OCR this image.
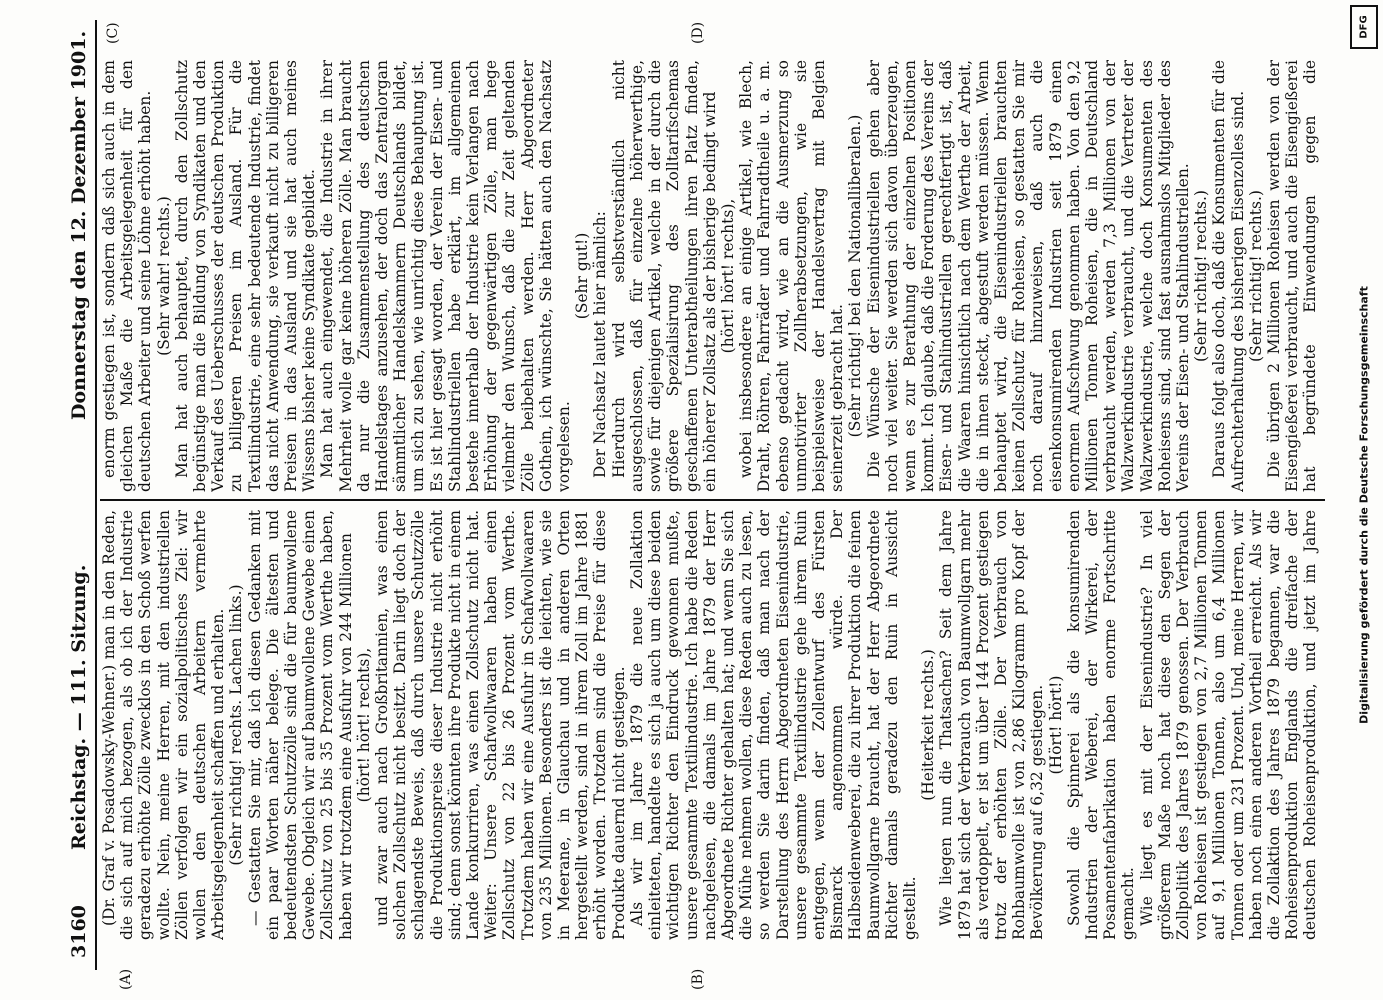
3160
Reichstag. — 111. Sitzung.
Donnerstag den 12. Dezember 1901.
(A)	(B)
(C)	(D)

(Dr. Graf v. Posadowsky-Wehner.) man in den Reden, die sich auf mich bezogen, als ob ich der Industrie geradezu erhöhte Zölle zwecklos in den Schoß werfen wollte. Nein, meine Herren, mit den industriellen Zöllen verfolgen wir ein sozialpolitisches Ziel: wir wollen den deutschen Arbeitern vermehrte Arbeitsgelegenheit schaffen und erhalten. (Sehr richtig! rechts. Lachen links.) — Gestatten Sie mir, daß ich diesen Gedanken mit ein paar Worten näher belege. Die ältesten und bedeutendsten Schutzzölle sind die für baumwollene Gewebe. Obgleich wir auf baumwollene Gewebe einen Zollschutz von 25 bis 35 Prozent vom Werthe haben, haben wir trotzdem eine Ausfuhr von 244 Millionen (hört! hört! rechts), und zwar auch nach Großbritannien, was einen solchen Zollschutz nicht besitzt. Darin liegt doch der schlagendste Beweis, daß durch unsere Schutzzölle die Produktionspreise dieser Industrie nicht erhöht sind; denn sonst könnten ihre Produkte nicht in einem Lande konkurriren, was einen Zollschutz nicht hat. Weiter: Unsere Schafwollwaaren haben einen Zollschutz von 22 bis 26 Prozent vom Werthe. Trotzdem haben wir eine Ausfuhr in Schafwollwaaren von 235 Millionen. Besonders ist die leichten, wie sie in Meerane, in Glauchau und in anderen Orten hergestellt werden, sind in ihrem Zoll im Jahre 1881 erhöht worden. Trotzdem sind die Preise für diese Produkte dauernd nicht gestiegen. Als wir im Jahre 1879 die neue Zollaktion einleiteten, handelte es sich ja auch um diese beiden wichtigen Richter den Eindruck gewonnen mußte, unsere gesammte Textilindustrie. Ich habe die Reden nachgelesen, die damals im Jahre 1879 der Herr Abgeordnete Richter gehalten hat; und wenn Sie sich die Mühe nehmen wollen, diese Reden auch zu lesen, so werden Sie darin finden, daß man nach der Darstellung des Herrn Abgeordneten Eisenindustrie, unsere gesammte Textilindustrie gehe ihrem Ruin entgegen, wenn der Zollentwurf des Fürsten Bismarck angenommen würde. Der Halbseidenweberei, die zu ihrer Produktion die feinen Baumwollgarne braucht, hat der Herr Abgeordnete Richter damals geradezu den Ruin in Aussicht gestellt.

(Heiterkeit rechts.) Wie liegen nun die Thatsachen? Seit dem Jahre 1879 hat sich der Verbrauch von Baumwollgarn mehr als verdoppelt, er ist um über 144 Prozent gestiegen trotz der erhöhten Zölle. Der Verbrauch von Rohbaumwolle ist von 2,86 Kilogramm pro Kopf der Bevölkerung auf 6,32 gestiegen. (Hört! hört!) Sowohl die Spinnerei als die konsumirenden Industrien der Weberei, der Wirkerei, der Posamentenfabrikation haben enorme Fortschritte gemacht. Wie liegt es mit der Eisenindustrie? In viel größerem Maße noch hat diese den Segen der Zollpolitik des Jahres 1879 genossen. Der Verbrauch von Roheisen ist gestiegen von 2,7 Millionen Tonnen auf 9,1 Millionen Tonnen, also um 6,4 Millionen Tonnen oder um 231 Prozent. Und, meine Herren, wir haben noch einen anderen Vortheil erreicht. Als wir die Zollaktion des Jahres 1879 begannen, war die Roheisenproduktion Englands die dreifache der deutschen Roheisenproduktion, und jetzt im Jahre

enorm gestiegen ist, sondern daß sich auch in dem gleichen Maße die Arbeitsgelegenheit für den deutschen Arbeiter und seine Löhne erhöht haben. (Sehr wahr! rechts.) Man hat auch behauptet, durch den Zollschutz begünstige man die Bildung von Syndikaten und den Verkauf des Ueberschusses der deutschen Produktion zu billigeren Preisen im Ausland. Für die Textilindustrie, eine sehr bedeutende Industrie, findet das nicht Anwendung, sie verkauft nicht zu billigeren Preisen in das Ausland und sie hat auch meines Wissens bisher keine Syndikate gebildet. Man hat auch eingewendet, die Industrie in ihrer Mehrheit wolle gar keine höheren Zölle. Man braucht da nur die Zusammenstellung des deutschen Handelstages anzusehen, der doch das Zentralorgan sämmtlicher Handelskammern Deutschlands bildet, um sich zu sehen, wie unrichtig diese Behauptung ist. Es ist hier gesagt worden, der Verein der Eisen- und Stahlindustriellen habe erklärt, im allgemeinen bestehe innerhalb der Industrie kein Verlangen nach Erhöhung der gegenwärtigen Zölle, man hege vielmehr den Wunsch, daß die zur Zeit geltenden Zölle beibehalten werden. Herr Abgeordneter Gothein, ich wünschte, Sie hätten auch den Nachsatz vorgelesen.

(Sehr gut!) Der Nachsatz lautet hier nämlich: Hierdurch wird selbstverständlich nicht ausgeschlossen, daß für einzelne höherwerthige, sowie für diejenigen Artikel, welche in der durch die größere Spezialisirung des Zolltarifschemas geschaffenen Unterabtheilungen ihren Platz finden, ein höherer Zollsatz als der bisherige bedingt wird (hört! hört! rechts), wobei insbesondere an einige Artikel, wie Blech, Draht, Röhren, Fahrräder und Fahrradtheile u. a. m. ebenso gedacht wird, wie an die Ausmerzung so unmotivirter Zollherabsetzungen, wie sie beispielsweise der Handelsvertrag mit Belgien seinerzeit gebracht hat. (Sehr richtig! bei den Nationalliberalen.) Die Wünsche der Eisenindustriellen gehen aber noch viel weiter. Sie werden sich davon überzeugen, wenn es zur Berathung der einzelnen Positionen kommt. Ich glaube, daß die Forderung des Vereins der Eisen- und Stahlindustriellen gerechtfertigt ist, daß die Waaren hinsichtlich nach dem Werthe der Arbeit, die in ihnen steckt, abgestuft werden müssen. Wenn behauptet wird, die Eisenindustriellen brauchten keinen Zollschutz für Roheisen, so gestatten Sie mir noch darauf hinzuweisen, daß auch die eisenkonsumirenden Industrien seit 1879 einen enormen Aufschwung genommen haben. Von den 9,2 Millionen Tonnen Roheisen, die in Deutschland verbraucht werden, werden 7,3 Millionen von der Walzwerkindustrie verbraucht, und die Vertreter der Walzwerkindustrie, welche doch Konsumenten des Roheisens sind, sind fast ausnahmslos Mitglieder des Vereins der Eisen- und Stahlindustriellen. (Sehr richtig! rechts.) Daraus folgt also doch, daß die Konsumenten für die Aufrechterhaltung des bisherigen Eisenzolles sind. (Sehr richtig! rechts.)

Die übrigen 2 Millionen Roheisen werden von der Eisengießerei verbraucht, und auch die Eisengießerei hat begründete Einwendungen gegen die

DFG
Digitalisierung gefördert durch die Deutsche Forschungsgemeinschaft
